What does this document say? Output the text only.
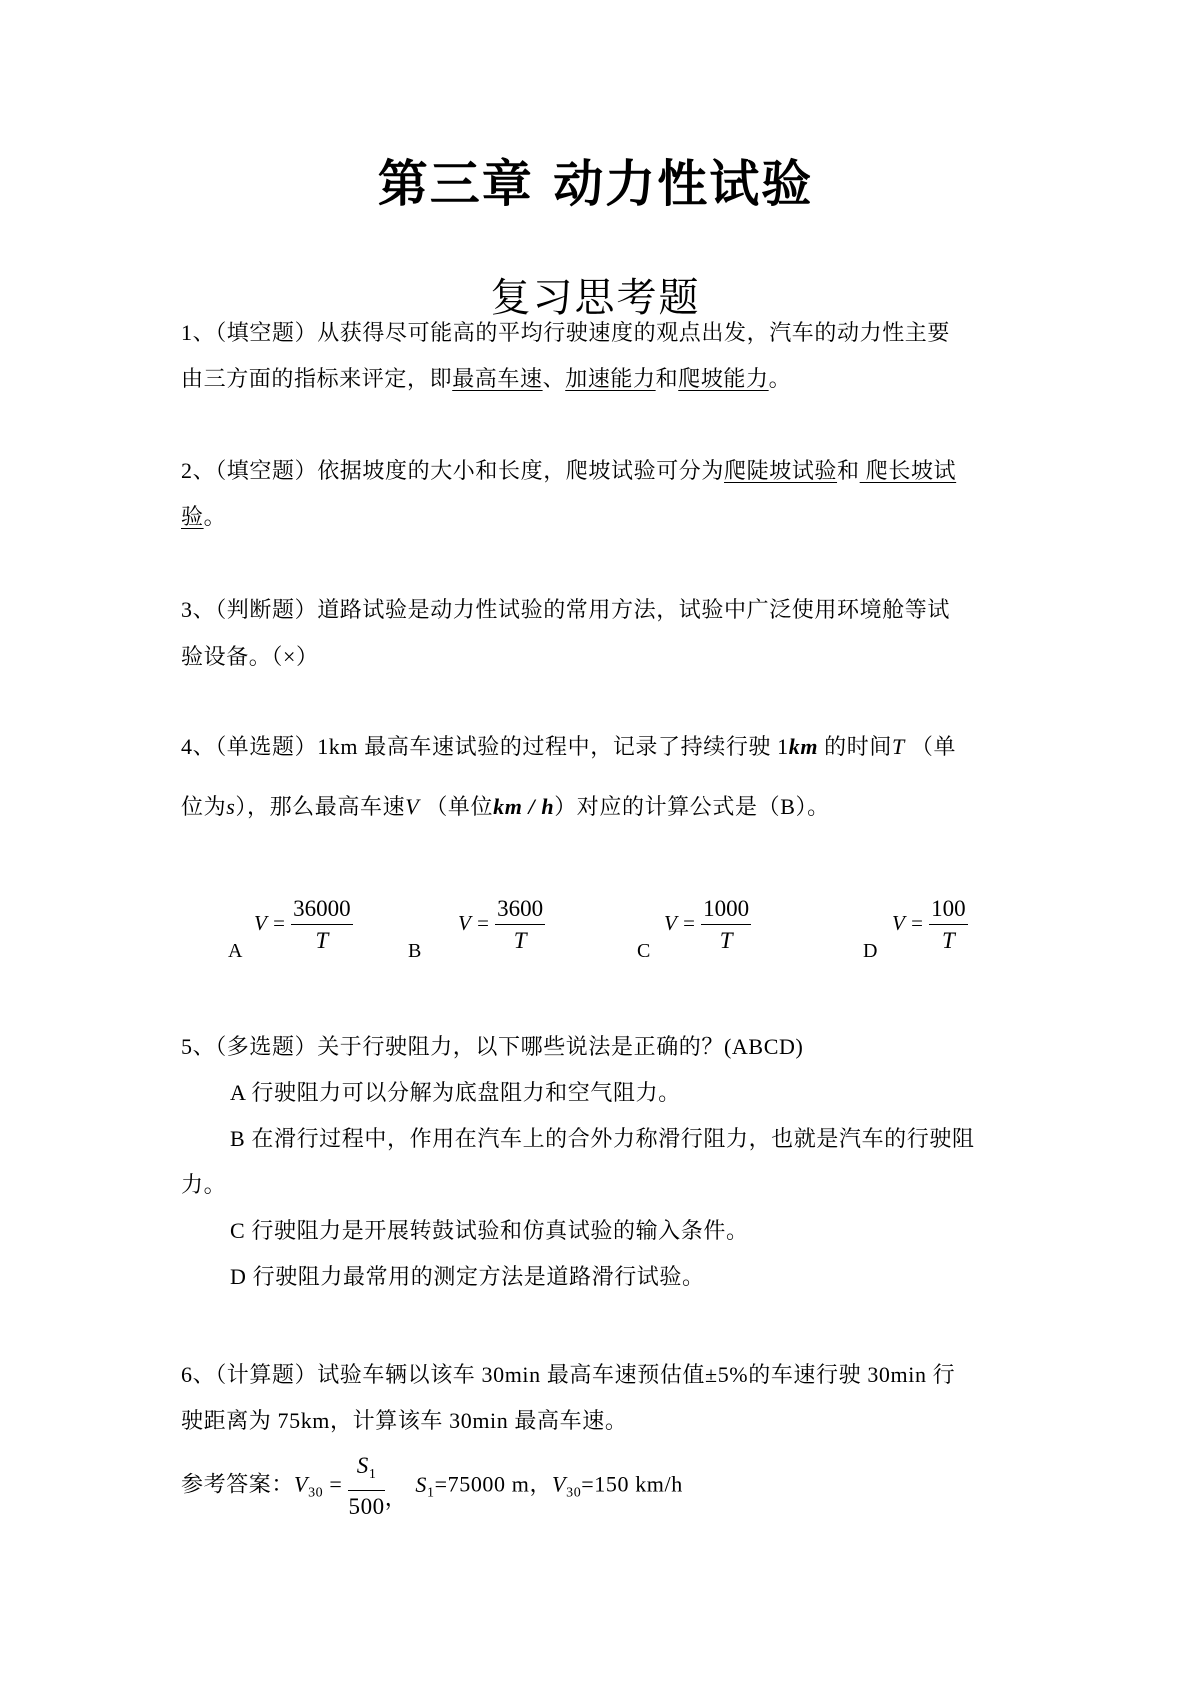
第三章 动力性试验
复习思考题
1、（填空题）从获得尽可能高的平均行驶速度的观点出发，汽车的动力性主要
由三方面的指标来评定，即最高车速、加速能力和爬坡能力。
2、（填空题）依据坡度的大小和长度，爬坡试验可分为爬陡坡试验和 爬长坡试
验。
3、（判断题）道路试验是动力性试验的常用方法，试验中广泛使用环境舱等试
验设备。（×）
4、（单选题）1km 最高车速试验的过程中，记录了持续行驶 1km 的时间T （单
位为s），那么最高车速V （单位km / h）对应的计算公式是（B）。
A
$V = \frac{36000}{T}$	B
$V = \frac{3600}{T}$	C
$V = \frac{1000}{T}$	D
$V = \frac{100}{T}$
5、（多选题）关于行驶阻力，以下哪些说法是正确的？(ABCD)
A 行驶阻力可以分解为底盘阻力和空气阻力。
B 在滑行过程中，作用在汽车上的合外力称滑行阻力，也就是汽车的行驶阻
力。
C 行驶阻力是开展转鼓试验和仿真试验的输入条件。
D 行驶阻力最常用的测定方法是道路滑行试验。
6、（计算题）试验车辆以该车 30min 最高车速预估值±5%的车速行驶 30min 行
驶距离为 75km，计算该车 30min 最高车速。
参考答案：$V_{30} = \frac{S_1}{500}$ ，$S_1=75000$ m，$V_{30}=150$ km/h
